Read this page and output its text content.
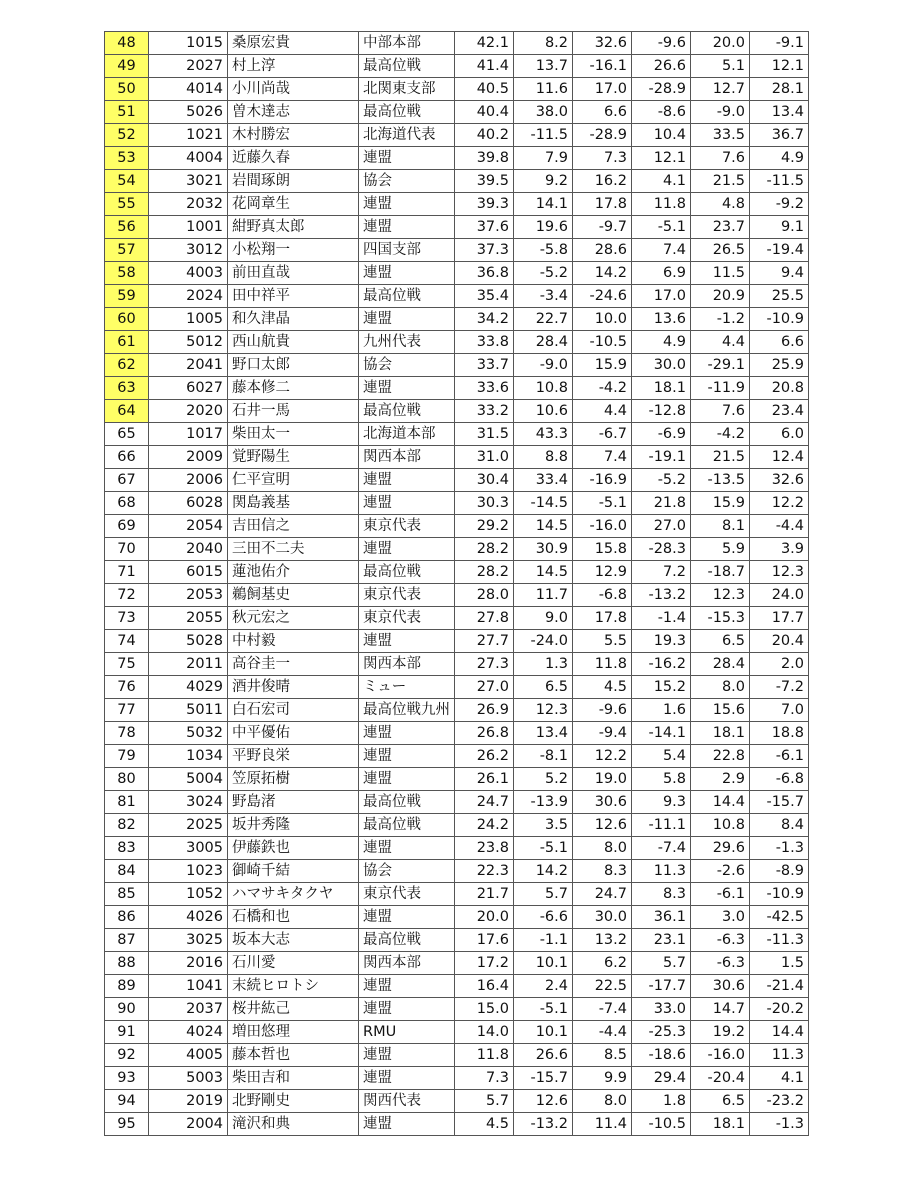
48	1015	桑原宏貴	中部本部	42.1	8.2	32.6	-9.6	20.0	-9.1
49	2027	村上淳	最高位戦	41.4	13.7	-16.1	26.6	5.1	12.1
50	4014	小川尚哉	北関東支部	40.5	11.6	17.0	-28.9	12.7	28.1
51	5026	曽木達志	最高位戦	40.4	38.0	6.6	-8.6	-9.0	13.4
52	1021	木村勝宏	北海道代表	40.2	-11.5	-28.9	10.4	33.5	36.7
53	4004	近藤久春	連盟	39.8	7.9	7.3	12.1	7.6	4.9
54	3021	岩間琢朗	協会	39.5	9.2	16.2	4.1	21.5	-11.5
55	2032	花岡章生	連盟	39.3	14.1	17.8	11.8	4.8	-9.2
56	1001	紺野真太郎	連盟	37.6	19.6	-9.7	-5.1	23.7	9.1
57	3012	小松翔一	四国支部	37.3	-5.8	28.6	7.4	26.5	-19.4
58	4003	前田直哉	連盟	36.8	-5.2	14.2	6.9	11.5	9.4
59	2024	田中祥平	最高位戦	35.4	-3.4	-24.6	17.0	20.9	25.5
60	1005	和久津晶	連盟	34.2	22.7	10.0	13.6	-1.2	-10.9
61	5012	西山航貴	九州代表	33.8	28.4	-10.5	4.9	4.4	6.6
62	2041	野口太郎	協会	33.7	-9.0	15.9	30.0	-29.1	25.9
63	6027	藤本修二	連盟	33.6	10.8	-4.2	18.1	-11.9	20.8
64	2020	石井一馬	最高位戦	33.2	10.6	4.4	-12.8	7.6	23.4
65	1017	柴田太一	北海道本部	31.5	43.3	-6.7	-6.9	-4.2	6.0
66	2009	覚野陽生	関西本部	31.0	8.8	7.4	-19.1	21.5	12.4
67	2006	仁平宣明	連盟	30.4	33.4	-16.9	-5.2	-13.5	32.6
68	6028	関島義基	連盟	30.3	-14.5	-5.1	21.8	15.9	12.2
69	2054	吉田信之	東京代表	29.2	14.5	-16.0	27.0	8.1	-4.4
70	2040	三田不二夫	連盟	28.2	30.9	15.8	-28.3	5.9	3.9
71	6015	蓮池佑介	最高位戦	28.2	14.5	12.9	7.2	-18.7	12.3
72	2053	鵜飼基史	東京代表	28.0	11.7	-6.8	-13.2	12.3	24.0
73	2055	秋元宏之	東京代表	27.8	9.0	17.8	-1.4	-15.3	17.7
74	5028	中村毅	連盟	27.7	-24.0	5.5	19.3	6.5	20.4
75	2011	高谷圭一	関西本部	27.3	1.3	11.8	-16.2	28.4	2.0
76	4029	酒井俊晴	ミュー	27.0	6.5	4.5	15.2	8.0	-7.2
77	5011	白石宏司	最高位戦九州	26.9	12.3	-9.6	1.6	15.6	7.0
78	5032	中平優佑	連盟	26.8	13.4	-9.4	-14.1	18.1	18.8
79	1034	平野良栄	連盟	26.2	-8.1	12.2	5.4	22.8	-6.1
80	5004	笠原拓樹	連盟	26.1	5.2	19.0	5.8	2.9	-6.8
81	3024	野島渚	最高位戦	24.7	-13.9	30.6	9.3	14.4	-15.7
82	2025	坂井秀隆	最高位戦	24.2	3.5	12.6	-11.1	10.8	8.4
83	3005	伊藤鉄也	連盟	23.8	-5.1	8.0	-7.4	29.6	-1.3
84	1023	御崎千結	協会	22.3	14.2	8.3	11.3	-2.6	-8.9
85	1052	ハマサキタクヤ	東京代表	21.7	5.7	24.7	8.3	-6.1	-10.9
86	4026	石橋和也	連盟	20.0	-6.6	30.0	36.1	3.0	-42.5
87	3025	坂本大志	最高位戦	17.6	-1.1	13.2	23.1	-6.3	-11.3
88	2016	石川愛	関西本部	17.2	10.1	6.2	5.7	-6.3	1.5
89	1041	末続ヒロトシ	連盟	16.4	2.4	22.5	-17.7	30.6	-21.4
90	2037	桜井紘己	連盟	15.0	-5.1	-7.4	33.0	14.7	-20.2
91	4024	増田悠理	RMU	14.0	10.1	-4.4	-25.3	19.2	14.4
92	4005	藤本哲也	連盟	11.8	26.6	8.5	-18.6	-16.0	11.3
93	5003	柴田吉和	連盟	7.3	-15.7	9.9	29.4	-20.4	4.1
94	2019	北野剛史	関西代表	5.7	12.6	8.0	1.8	6.5	-23.2
95	2004	滝沢和典	連盟	4.5	-13.2	11.4	-10.5	18.1	-1.3
